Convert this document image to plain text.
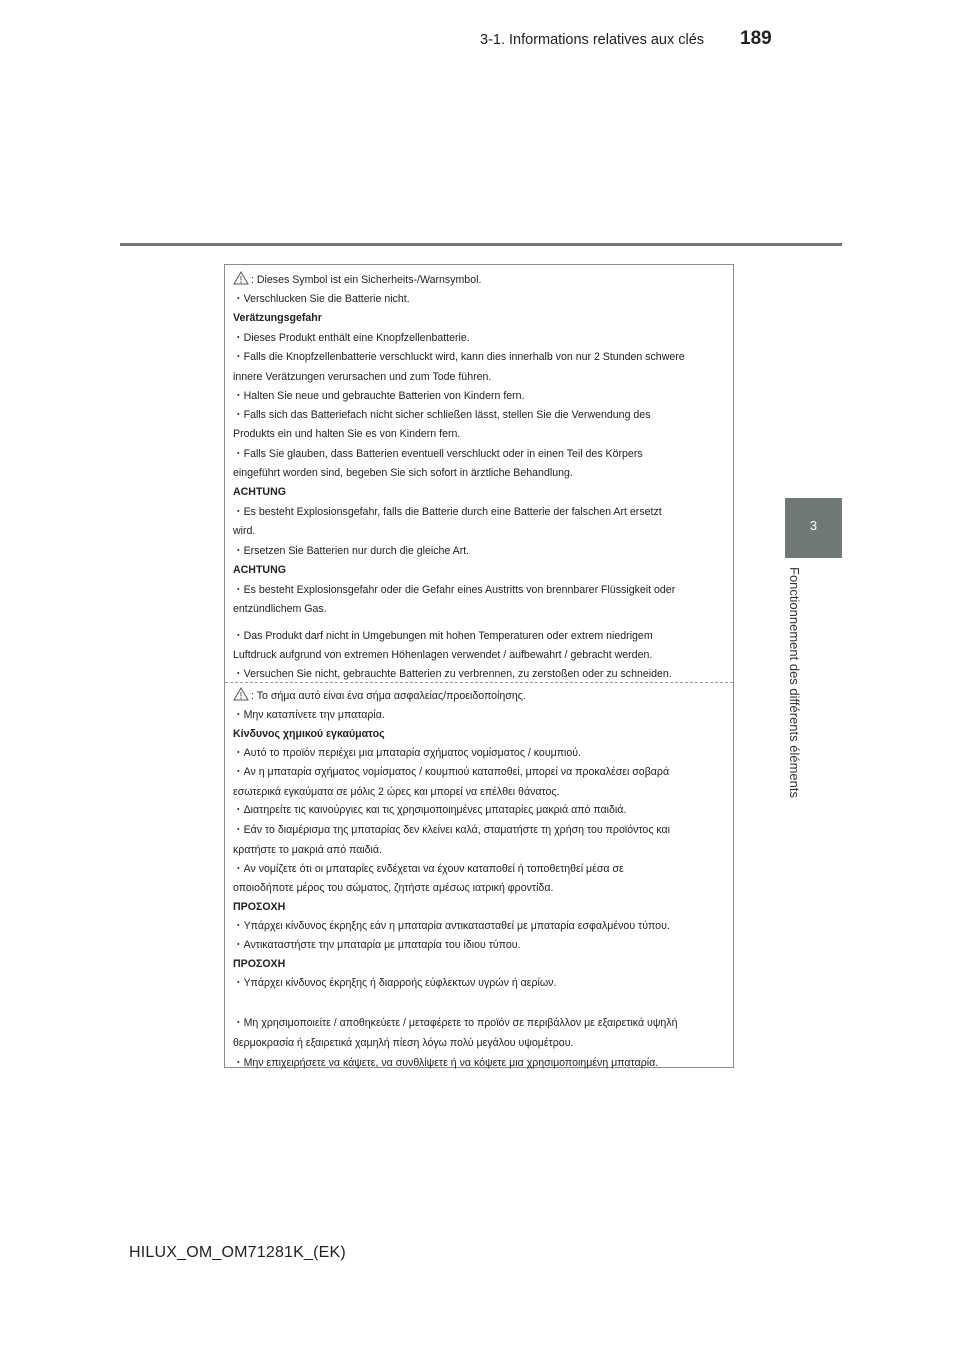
3-1. Informations relatives aux clés 189
3
Fonctionnement des différents éléments
: Dieses Symbol ist ein Sicherheits-/Warnsymbol.
・Verschlucken Sie die Batterie nicht.
Verätzungsgefahr
・Dieses Produkt enthält eine Knopfzellenbatterie.
・Falls die Knopfzellenbatterie verschluckt wird, kann dies innerhalb von nur 2 Stunden schwere
innere Verätzungen verursachen und zum Tode führen.
・Halten Sie neue und gebrauchte Batterien von Kindern fern.
・Falls sich das Batteriefach nicht sicher schließen lässt, stellen Sie die Verwendung des
Produkts ein und halten Sie es von Kindern fern.
・Falls Sie glauben, dass Batterien eventuell verschluckt oder in einen Teil des Körpers
eingeführt worden sind, begeben Sie sich sofort in ärztliche Behandlung.
ACHTUNG
・Es besteht Explosionsgefahr, falls die Batterie durch eine Batterie der falschen Art ersetzt
wird.
・Ersetzen Sie Batterien nur durch die gleiche Art.
ACHTUNG
・Es besteht Explosionsgefahr oder die Gefahr eines Austritts von brennbarer Flüssigkeit oder
entzündlichem Gas.
・Das Produkt darf nicht in Umgebungen mit hohen Temperaturen oder extrem niedrigem
Luftdruck aufgrund von extremen Höhenlagen verwendet / aufbewahrt / gebracht werden.
・Versuchen Sie nicht, gebrauchte Batterien zu verbrennen, zu zerstoßen oder zu schneiden.
: Το σήμα αυτό είναι ένα σήμα ασφαλείας/προειδοποίησης.
・Μην καταπίνετε την μπαταρία.
Κίνδυνος χημικού εγκαύματος
・Αυτό το προϊόν περιέχει μια μπαταρία σχήματος νομίσματος / κουμπιού.
・Αν η μπαταρία σχήματος νομίσματος / κουμπιού καταποθεί, μπορεί να προκαλέσει σοβαρά
εσωτερικά εγκαύματα σε μόλις 2 ώρες και μπορεί να επέλθει θάνατος.
・Διατηρείτε τις καινούργιες και τις χρησιμοποιημένες μπαταρίες μακριά από παιδιά.
・Εάν το διαμέρισμα της μπαταρίας δεν κλείνει καλά, σταματήστε τη χρήση του προϊόντος και
κρατήστε το μακριά από παιδιά.
・Αν νομίζετε ότι οι μπαταρίες ενδέχεται να έχουν καταποθεί ή τοποθετηθεί μέσα σε
οποιοδήποτε μέρος του σώματος, ζητήστε αμέσως ιατρική φροντίδα.
ΠΡΟΣΟΧΗ
・Υπάρχει κίνδυνος έκρηξης εάν η μπαταρία αντικατασταθεί με μπαταρία εσφαλμένου τύπου.
・Αντικαταστήστε την μπαταρία με μπαταρία του ίδιου τύπου.
ΠΡΟΣΟΧΗ
・Υπάρχει κίνδυνος έκρηξης ή διαρροής εύφλεκτων υγρών ή αερίων.
・Μη χρησιμοποιείτε / αποθηκεύετε / μεταφέρετε το προϊόν σε περιβάλλον με εξαιρετικά υψηλή
θερμοκρασία ή εξαιρετικά χαμηλή πίεση λόγω πολύ μεγάλου υψομέτρου.
・Μην επιχειρήσετε να κάψετε, να συνθλίψετε ή να κόψετε μια χρησιμοποιημένη μπαταρία.
HILUX_OM_OM71281K_(EK)
